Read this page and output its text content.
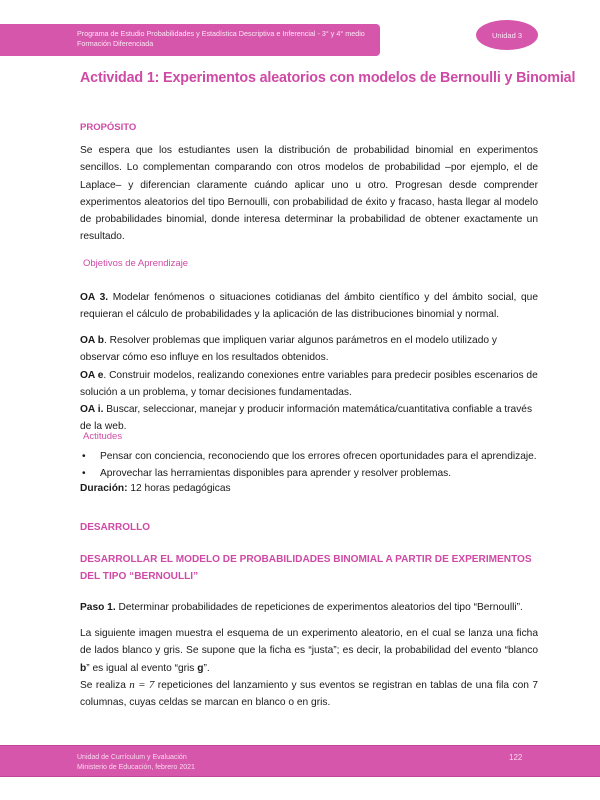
Programa de Estudio Probabilidades y Estadística Descriptiva e Inferencial - 3° y 4° medio
Formación Diferenciada
Unidad 3
Actividad 1: Experimentos aleatorios con modelos de Bernoulli y Binomial
PROPÓSITO
Se espera que los estudiantes usen la distribución de probabilidad binomial en experimentos sencillos. Lo complementan comparando con otros modelos de probabilidad –por ejemplo, el de Laplace– y diferencian claramente cuándo aplicar uno u otro. Progresan desde comprender experimentos aleatorios del tipo Bernoulli, con probabilidad de éxito y fracaso, hasta llegar al modelo de probabilidades binomial, donde interesa determinar la probabilidad de obtener exactamente un resultado.
Objetivos de Aprendizaje

OA 3. Modelar fenómenos o situaciones cotidianas del ámbito científico y del ámbito social, que requieran el cálculo de probabilidades y la aplicación de las distribuciones binomial y normal.

OA b. Resolver problemas que impliquen variar algunos parámetros en el modelo utilizado y observar cómo eso influye en los resultados obtenidos.

OA e. Construir modelos, realizando conexiones entre variables para predecir posibles escenarios de solución a un problema, y tomar decisiones fundamentadas.

OA i. Buscar, seleccionar, manejar y producir información matemática/cuantitativa confiable a través de la web.

Actitudes
• Pensar con conciencia, reconociendo que los errores ofrecen oportunidades para el aprendizaje.
• Aprovechar las herramientas disponibles para aprender y resolver problemas.
Duración: 12 horas pedagógicas
DESARROLLO
DESARROLLAR EL MODELO DE PROBABILIDADES BINOMIAL A PARTIR DE EXPERIMENTOS DEL TIPO “BERNOULLI”
Paso 1. Determinar probabilidades de repeticiones de experimentos aleatorios del tipo “Bernoulli”.

La siguiente imagen muestra el esquema de un experimento aleatorio, en el cual se lanza una ficha de lados blanco y gris. Se supone que la ficha es “justa”; es decir, la probabilidad del evento “blanco b” es igual al evento “gris g”.

Se realiza n = 7 repeticiones del lanzamiento y sus eventos se registran en tablas de una fila con 7 columnas, cuyas celdas se marcan en blanco o en gris.

Unidad de Currículum y Evaluación
Ministerio de Educación, febrero 2021
122
